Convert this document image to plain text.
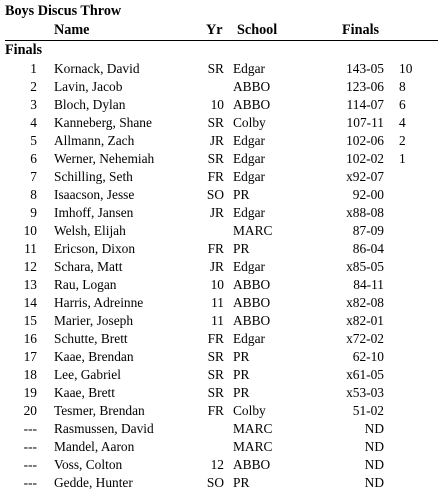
Boys Discus Throw
Name	Yr School	Finals
Finals
1 Kornack, David	SR Edgar	143-05 10
2 Lavin, Jacob	ABBO	123-06 8
3 Bloch, Dylan	10 ABBO	114-07 6
4 Kanneberg, Shane	SR Colby	107-11 4
5 Allmann, Zach	JR Edgar	102-06 2
6 Werner, Nehemiah	SR Edgar	102-02 1
7 Schilling, Seth	FR Edgar	x92-07
8 Isaacson, Jesse	SO PR	92-00
9 Imhoff, Jansen	JR Edgar	x88-08
10 Welsh, Elijah	MARC	87-09
11 Ericson, Dixon	FR PR	86-04
12 Schara, Matt	JR Edgar	x85-05
13 Rau, Logan	10 ABBO	84-11
14 Harris, Adreinne	11 ABBO	x82-08
15 Marier, Joseph	11 ABBO	x82-01
16 Schutte, Brett	FR Edgar	x72-02
17 Kaae, Brendan	SR PR	62-10
18 Lee, Gabriel	SR PR	x61-05
19 Kaae, Brett	SR PR	x53-03
20 Tesmer, Brendan	FR Colby	51-02
--- Rasmussen, David	MARC	ND
--- Mandel, Aaron	MARC	ND
--- Voss, Colton	12 ABBO	ND
--- Gedde, Hunter	SO PR	ND
